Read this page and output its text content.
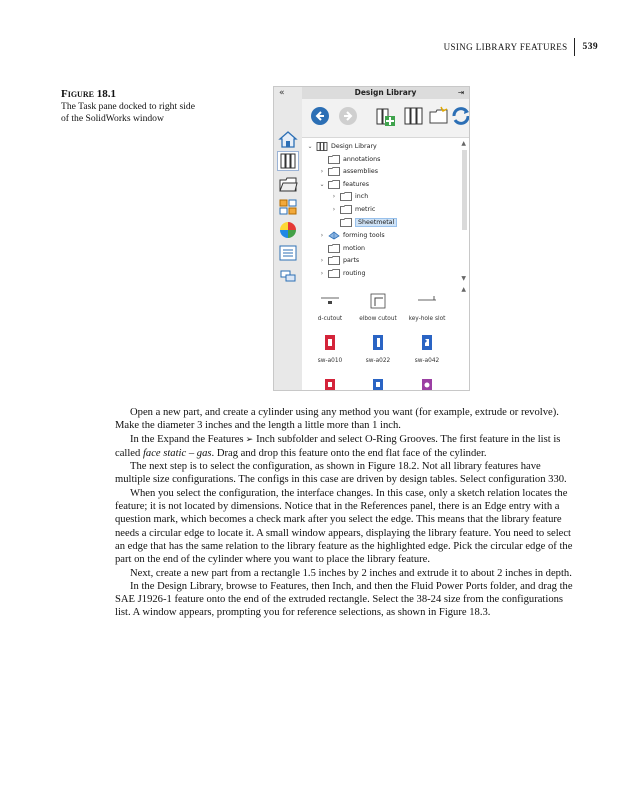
USING LIBRARY FEATURES	539
Figure 18.1
The Task pane docked to right side of the SolidWorks window
«	Design Library	⇥
▲
▼
⌄	Design Library
annotations
›	assemblies
⌄	features
›	inch
›	metric
Sheetmetal
›	forming tools
motion
›	parts
›	routing
▲
d-cutout	elbow cutout	key-hole slot
sw-a010	sw-a022	sw-a042

Open a new part, and create a cylinder using any method you want (for example, extrude or revolve). Make the diameter 3 inches and the length a little more than 1 inch.

In the Expand the Features ➢ Inch subfolder and select O-Ring Grooves. The first feature in the list is called face static – gas. Drag and drop this feature onto the end flat face of the cylinder.

The next step is to select the configuration, as shown in Figure 18.2. Not all library features have multiple size configurations. The configs in this case are driven by design tables. Select configuration 330.

When you select the configuration, the interface changes. In this case, only a sketch relation locates the feature; it is not located by dimensions. Notice that in the References panel, there is an Edge entry with a question mark, which becomes a check mark after you select the edge. This means that the library feature needs a circular edge to locate it. A small window appears, displaying the library feature. You need to select an edge that has the same relation to the library feature as the highlighted edge. Pick the circular edge of the part on the end of the cylinder where you want to place the library feature.

Next, create a new part from a rectangle 1.5 inches by 2 inches and extrude it to about 2 inches in depth.

In the Design Library, browse to Features, then Inch, and then the Fluid Power Ports folder, and drag the SAE J1926-1 feature onto the end of the extruded rectangle. Select the 38-24 size from the configurations list. A window appears, prompting you for reference selections, as shown in Figure 18.3.
